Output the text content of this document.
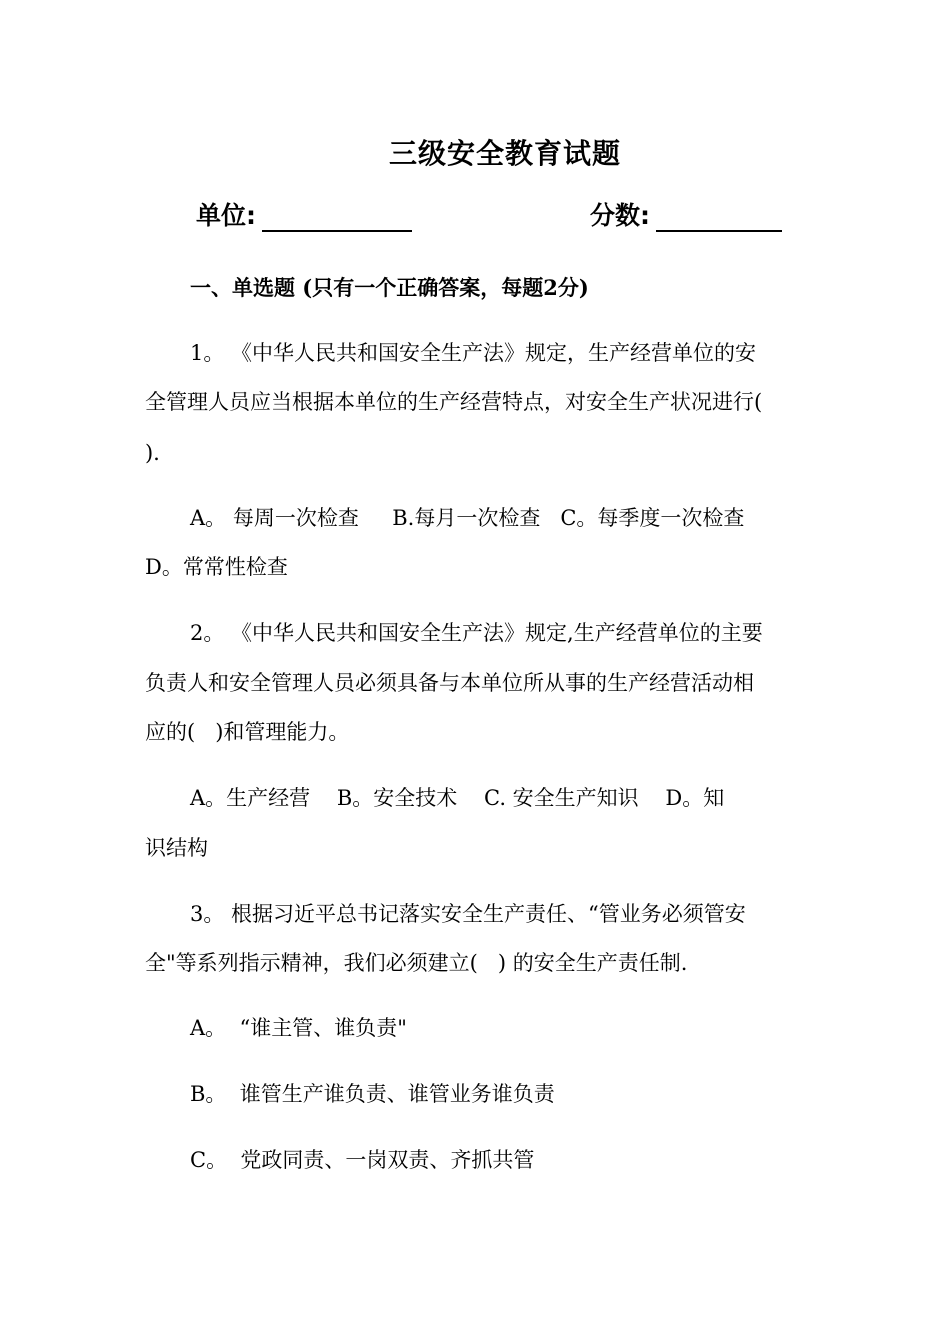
三级安全教育试题
单位:	分数:
一、单选题 (只有一个正确答案，每题2分)
1。 《中华人民共和国安全生产法》规定，生产经营单位的安
全管理人员应当根据本单位的生产经营特点，对安全生产状况进行(
)．
A。 每周一次检查     B.每月一次检查   C。每季度一次检查
D。常常性检查
2。 《中华人民共和国安全生产法》规定,生产经营单位的主要
负责人和安全管理人员必须具备与本单位所从事的生产经营活动相
应的(   )和管理能力。
A。生产经营    B。安全技术    C. 安全生产知识    D。知
识结构
3。 根据习近平总书记落实安全生产责任、“管业务必须管安
全"等系列指示精神，我们必须建立(   ) 的安全生产责任制.
A。  “谁主管、谁负责"
B。  谁管生产谁负责、谁管业务谁负责
C。  党政同责、一岗双责、齐抓共管
